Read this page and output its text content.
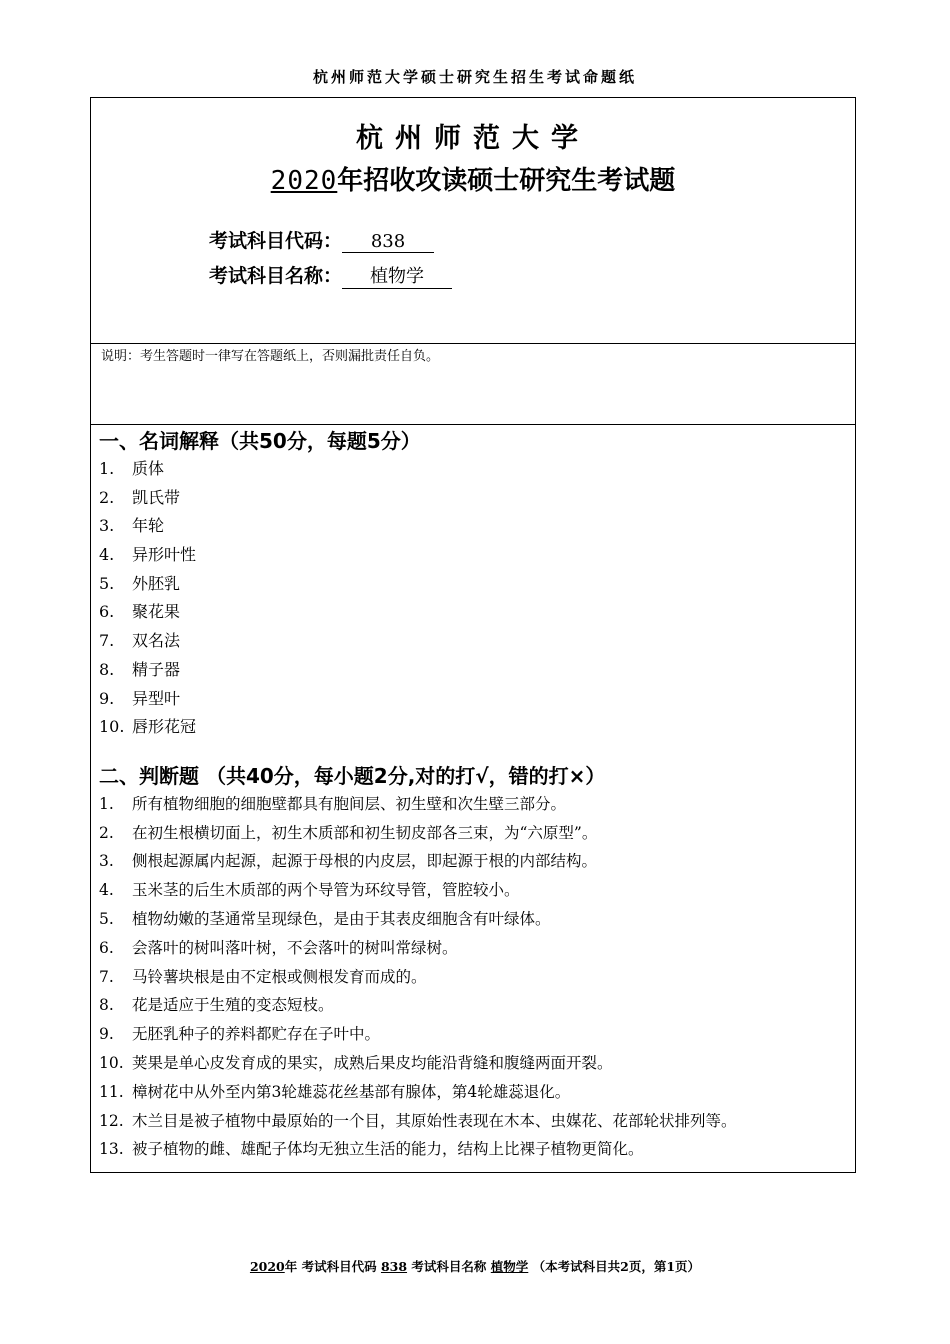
杭州师范大学硕士研究生招生考试命题纸
杭州师范大学
2020年招收攻读硕士研究生考试题
考试科目代码： 838
考试科目名称： 植物学
说明：考生答题时一律写在答题纸上，否则漏批责任自负。
一、名词解释（共50分，每题5分）
1. 质体
2. 凯氏带
3. 年轮
4. 异形叶性
5. 外胚乳
6. 聚花果
7. 双名法
8. 精子器
9. 异型叶
10. 唇形花冠
二、判断题 （共40分，每小题2分,对的打√，错的打×）
1. 所有植物细胞的细胞壁都具有胞间层、初生壁和次生壁三部分。
2. 在初生根横切面上，初生木质部和初生韧皮部各三束，为“六原型”。
3. 侧根起源属内起源，起源于母根的内皮层，即起源于根的内部结构。
4. 玉米茎的后生木质部的两个导管为环纹导管，管腔较小。
5. 植物幼嫩的茎通常呈现绿色，是由于其表皮细胞含有叶绿体。
6. 会落叶的树叫落叶树，不会落叶的树叫常绿树。
7. 马铃薯块根是由不定根或侧根发育而成的。
8. 花是适应于生殖的变态短枝。
9. 无胚乳种子的养料都贮存在子叶中。
10. 荚果是单心皮发育成的果实，成熟后果皮均能沿背缝和腹缝两面开裂。
11. 樟树花中从外至内第3轮雄蕊花丝基部有腺体，第4轮雄蕊退化。
12. 木兰目是被子植物中最原始的一个目，其原始性表现在木本、虫媒花、花部轮状排列等。
13. 被子植物的雌、雄配子体均无独立生活的能力，结构上比裸子植物更简化。
2020年 考试科目代码 838 考试科目名称 植物学 （本考试科目共2页，第1页）
